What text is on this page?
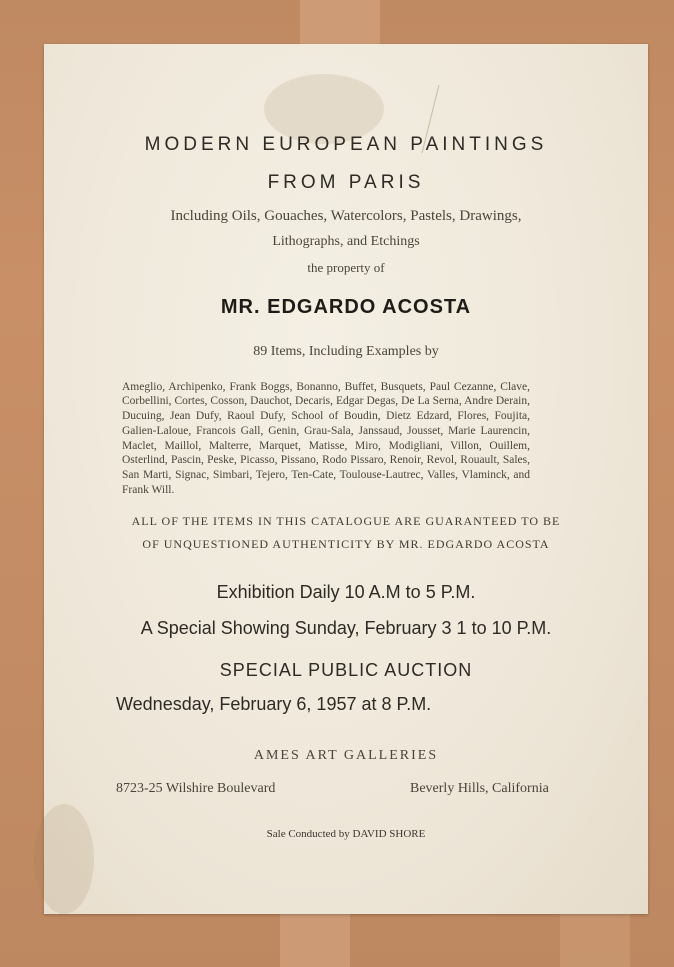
MODERN EUROPEAN PAINTINGS

FROM PARIS

Including Oils, Gouaches, Watercolors, Pastels, Drawings,

Lithographs, and Etchings

the property of

MR. EDGARDO ACOSTA

89 Items, Including Examples by

Ameglio, Archipenko, Frank Boggs, Bonanno, Buffet, Busquets, Paul Cezanne, Clave, Corbellini, Cortes, Cosson, Dauchot, Decaris, Edgar Degas, De La Serna, Andre Derain, Ducuing, Jean Dufy, Raoul Dufy, School of Boudin, Dietz Edzard, Flores, Foujita, Galien-Laloue, Francois Gall, Genin, Grau-Sala, Janssaud, Jousset, Marie Laurencin, Maclet, Maillol, Malterre, Marquet, Matisse, Miro, Modigliani, Villon, Ouillem, Osterlind, Pascin, Peske, Picasso, Pissano, Rodo Pissaro, Renoir, Revol, Rouault, Sales, San Marti, Signac, Simbari, Tejero, Ten-Cate, Toulouse-Lautrec, Valles, Vlaminck, and Frank Will.

ALL OF THE ITEMS IN THIS CATALOGUE ARE GUARANTEED TO BE

OF UNQUESTIONED AUTHENTICITY BY MR. EDGARDO ACOSTA

Exhibition Daily 10 A.M to 5 P.M.

A Special Showing Sunday, February 3 1 to 10 P.M.

SPECIAL PUBLIC AUCTION

Wednesday, February 6, 1957 at 8 P.M.

AMES ART GALLERIES

8723-25 Wilshire Boulevard	Beverly Hills, California

Sale Conducted by DAVID SHORE
